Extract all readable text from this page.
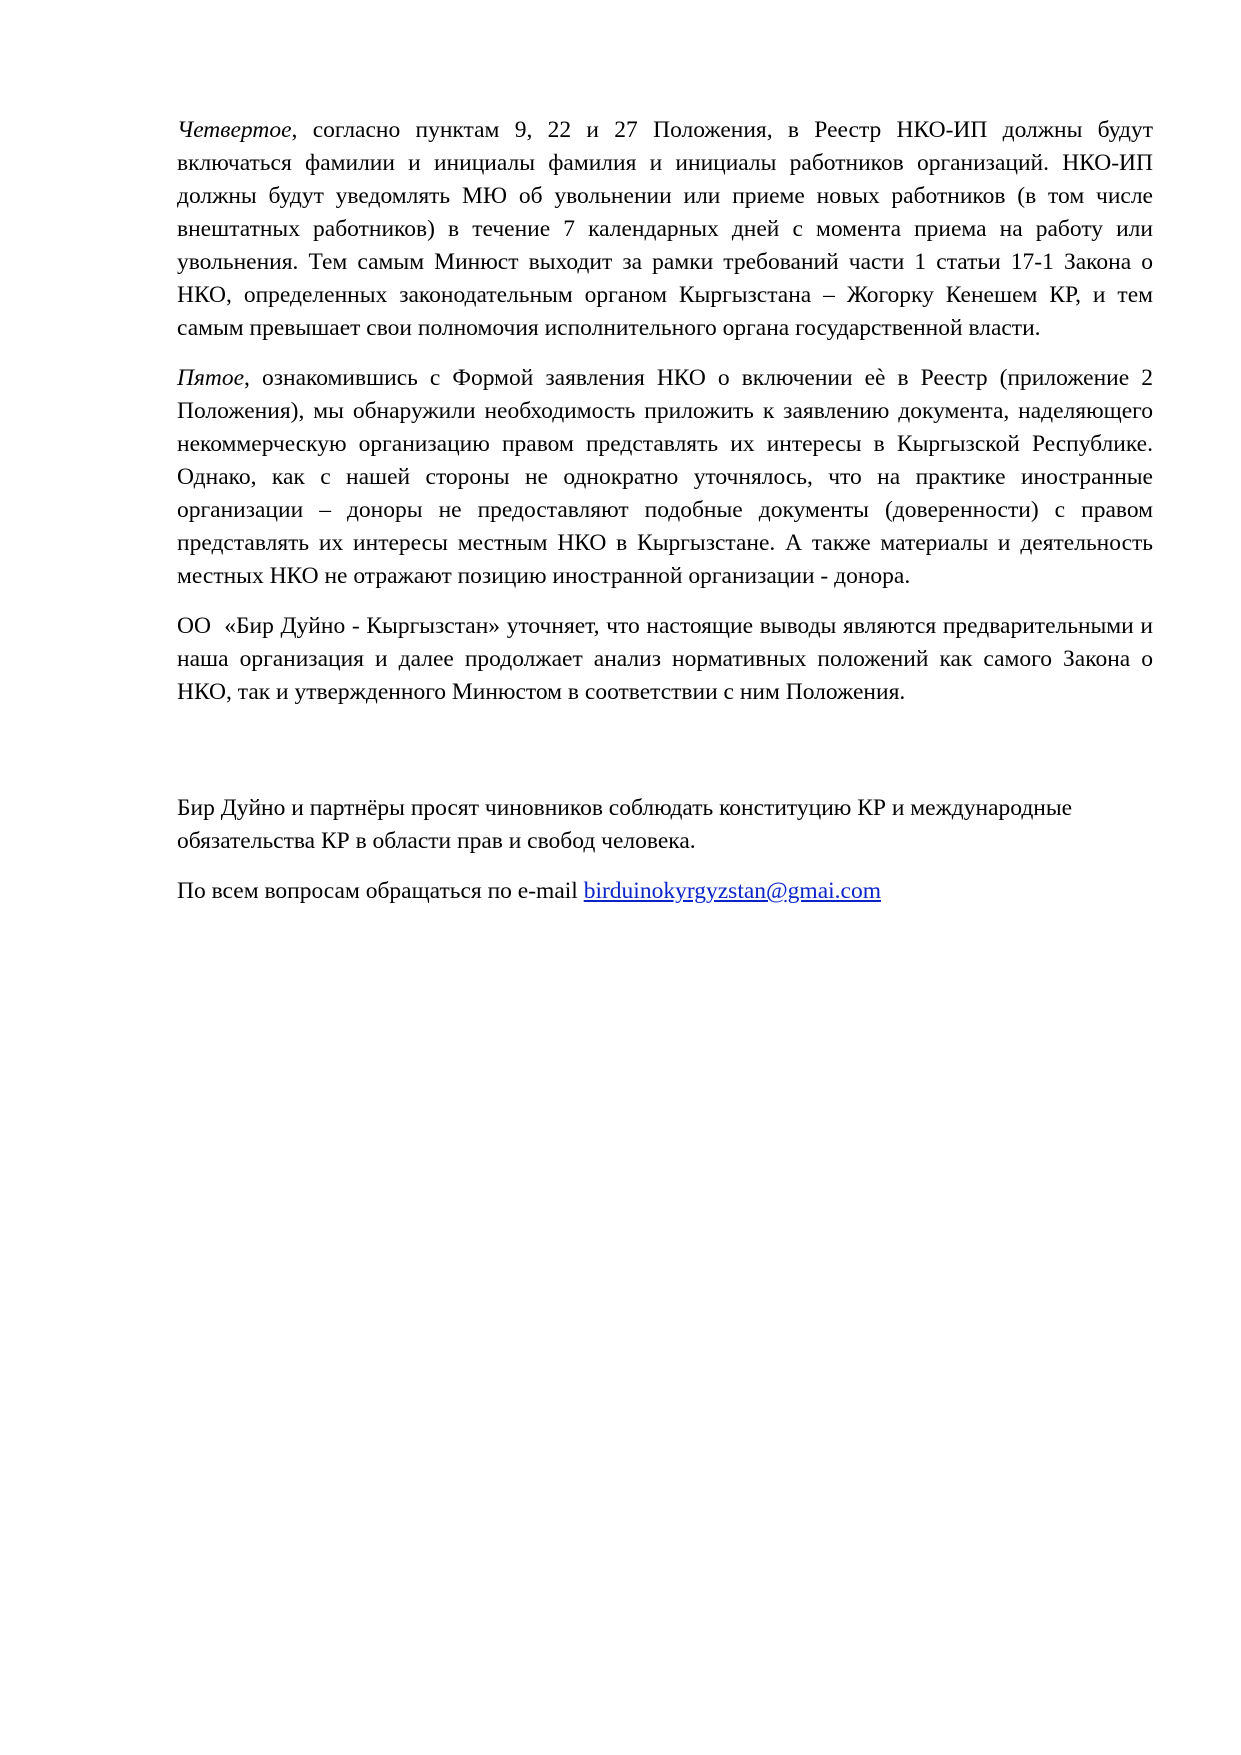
Четвертое, согласно пунктам 9, 22 и 27 Положения, в Реестр НКО-ИП должны будут включаться фамилии и инициалы фамилия и инициалы работников организаций. НКО-ИП должны будут уведомлять МЮ об увольнении или приеме новых работников (в том числе внештатных работников) в течение 7 календарных дней с момента приема на работу или увольнения. Тем самым Минюст выходит за рамки требований части 1 статьи 17-1 Закона о НКО, определенных законодательным органом Кыргызстана – Жогорку Кенешем КР, и тем самым превышает свои полномочия исполнительного органа государственной власти.

Пятое, ознакомившись с Формой заявления НКО о включении еѐ в Реестр (приложение 2 Положения), мы обнаружили необходимость приложить к заявлению документа, наделяющего некоммерческую организацию правом представлять их интересы в Кыргызской Республике. Однако, как с нашей стороны не однократно уточнялось, что на практике иностранные организации – доноры не предоставляют подобные документы (доверенности) с правом представлять их интересы местным НКО в Кыргызстане. А также материалы и деятельность местных НКО не отражают позицию иностранной организации - донора.

ОО  «Бир Дуйно - Кыргызстан» уточняет, что настоящие выводы являются предварительными и наша организация и далее продолжает анализ нормативных положений как самого Закона о НКО, так и утвержденного Минюстом в соответствии с ним Положения.

Бир Дуйно и партнёры просят чиновников соблюдать конституцию КР и международные обязательства КР в области прав и свобод человека.

По всем вопросам обращаться по e-mail birduinokyrgyzstan@gmai.com
